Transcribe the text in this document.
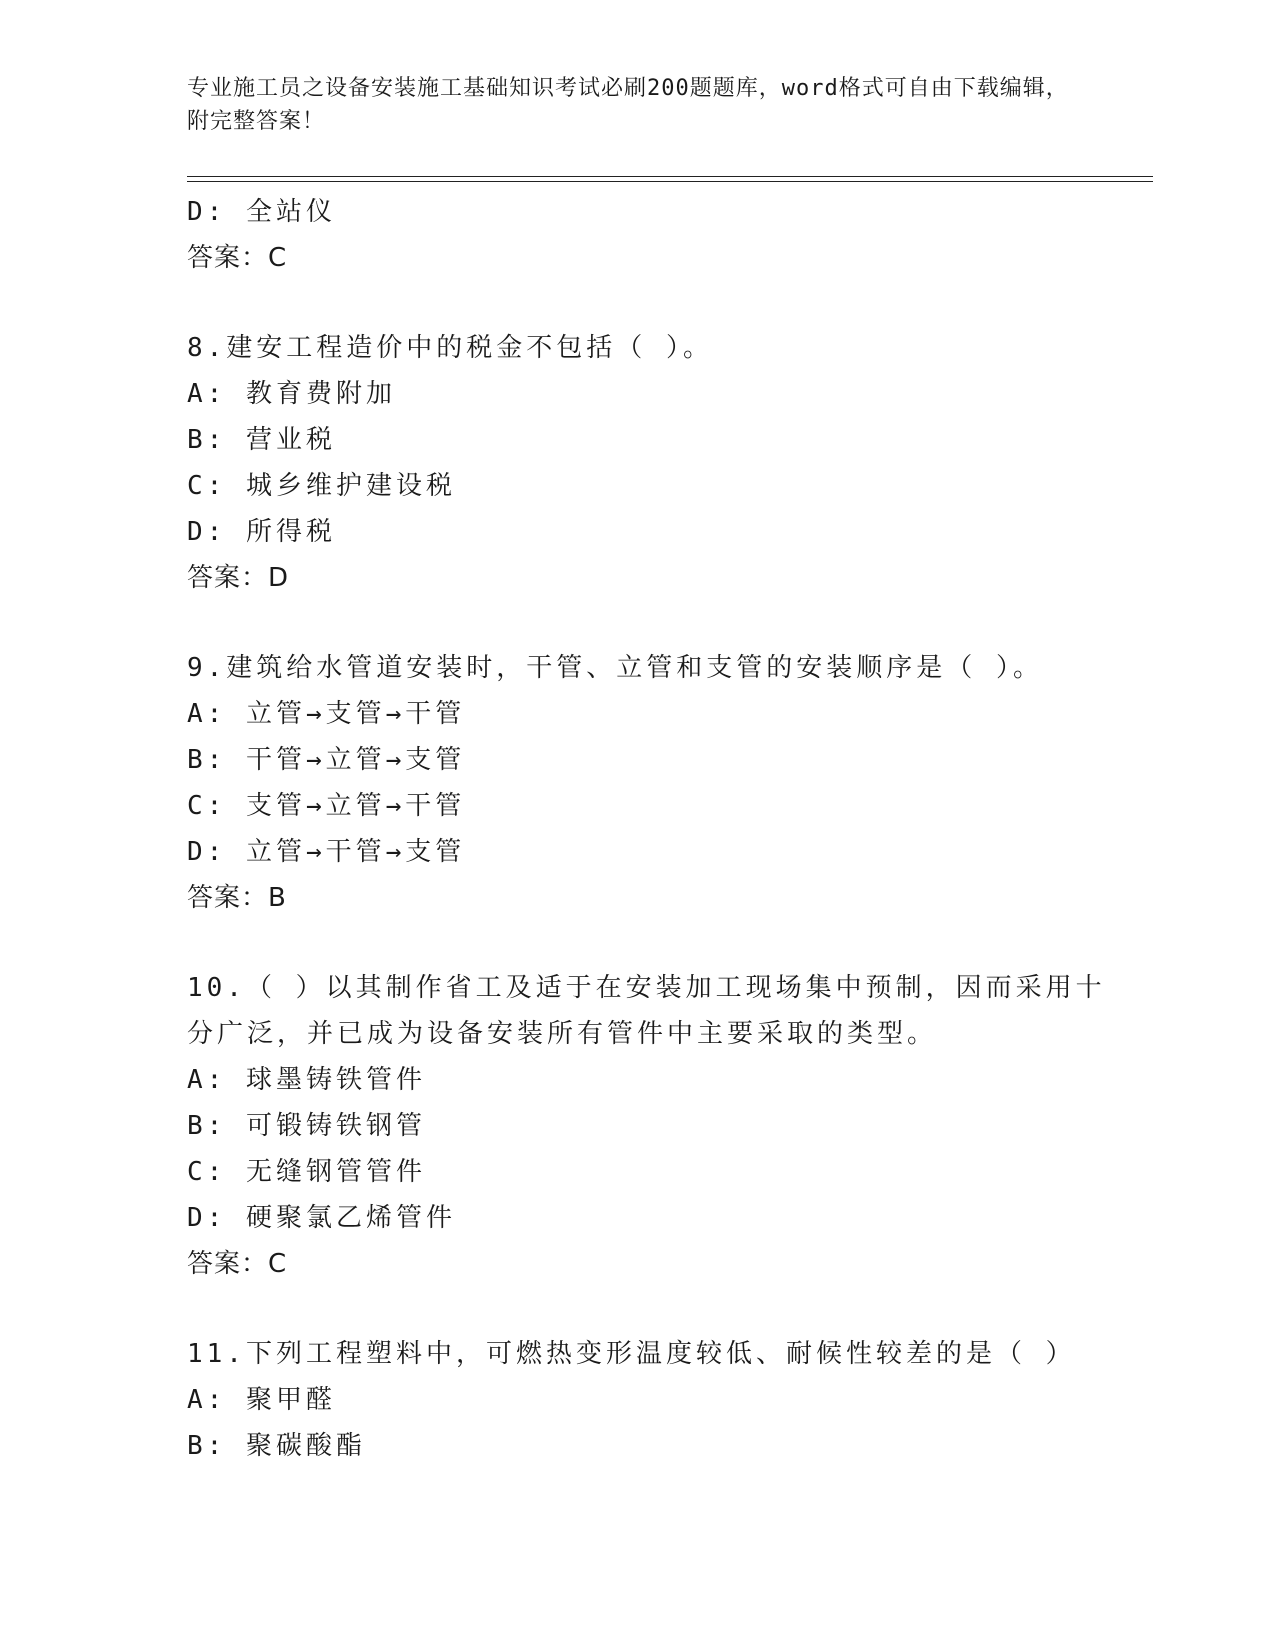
专业施工员之设备安装施工基础知识考试必刷200题题库，word格式可自由下载编辑，附完整答案！
D: 全站仪
答案：C
8.建安工程造价中的税金不包括（ ）。
A: 教育费附加
B: 营业税
C: 城乡维护建设税
D: 所得税
答案：D
9.建筑给水管道安装时，干管、立管和支管的安装顺序是（ ）。
A: 立管→支管→干管
B: 干管→立管→支管
C: 支管→立管→干管
D: 立管→干管→支管
答案：B
10.（ ）以其制作省工及适于在安装加工现场集中预制，因而采用十
分广泛，并已成为设备安装所有管件中主要采取的类型。
A: 球墨铸铁管件
B: 可锻铸铁钢管
C: 无缝钢管管件
D: 硬聚氯乙烯管件
答案：C
11.下列工程塑料中，可燃热变形温度较低、耐候性较差的是（ ）
A: 聚甲醛
B: 聚碳酸酯
